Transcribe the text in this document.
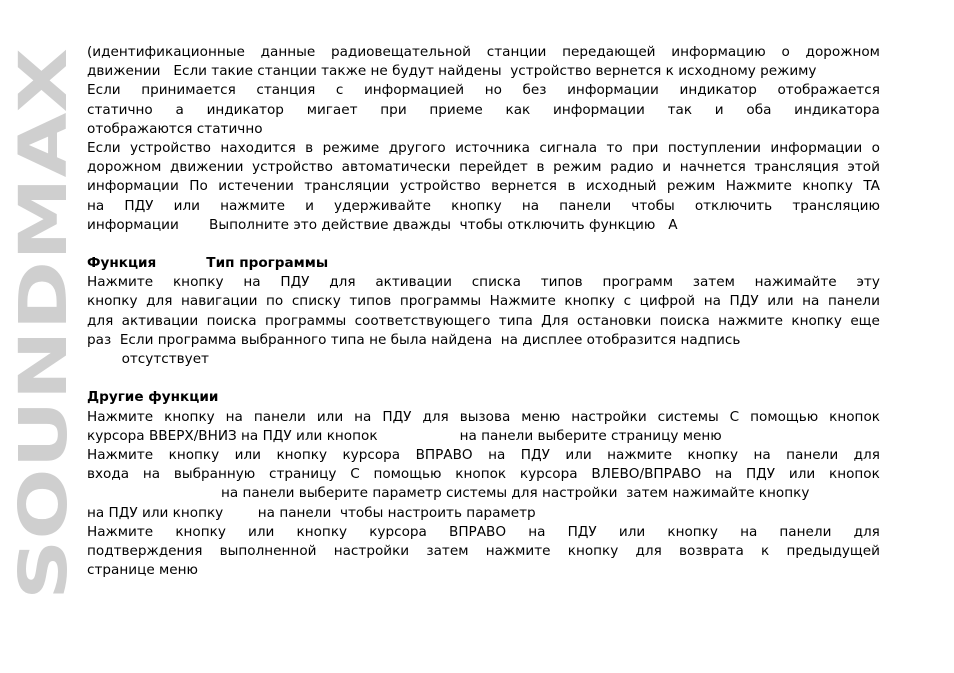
SOUNDMAX
(идентификационные данные радиовещательной станции передающей информацию о дорожном
движении   Если такие станции также не будут найдены  устройство вернется к исходному режиму
Если принимается станция с информацией но без информации индикатор отображается
статично а индикатор мигает при приеме как информации так и оба индикатора
отображаются статично
Если устройство находится в режиме другого источника сигнала то при поступлении информации о
дорожном движении устройство автоматически перейдет в режим радио и начнется трансляция этой
информации По истечении трансляции устройство вернется в исходный режим Нажмите кнопку TA
на ПДУ или нажмите и удерживайте кнопку на панели чтобы отключить трансляцию
информации       Выполните это действие дважды  чтобы отключить функцию   A
Функция	Тип программы
Нажмите кнопку на ПДУ для активации списка типов программ затем нажимайте эту
кнопку для навигации по списку типов программы Нажмите кнопку с цифрой на ПДУ или на панели
для активации поиска программы соответствующего типа Для остановки поиска нажмите кнопку еще
раз  Если программа выбранного типа не была найдена  на дисплее отобразится надпись
отсутствует
Другие функции
Нажмите кнопку на панели или на ПДУ для вызова меню настройки системы С помощью кнопок
курсора ВВЕРХ/ВНИЗ на ПДУ или кнопок                   на панели выберите страницу меню
Нажмите кнопку или кнопку курсора ВПРАВО на ПДУ или нажмите кнопку на панели для
входа на выбранную страницу С помощью кнопок курсора ВЛЕВО/ВПРАВО на ПДУ или кнопок
на панели выберите параметр системы для настройки  затем нажимайте кнопку
на ПДУ или кнопку        на панели  чтобы настроить параметр
Нажмите кнопку или кнопку курсора ВПРАВО на ПДУ или кнопку на панели для
подтверждения выполненной настройки затем нажмите кнопку для возврата к предыдущей
странице меню
